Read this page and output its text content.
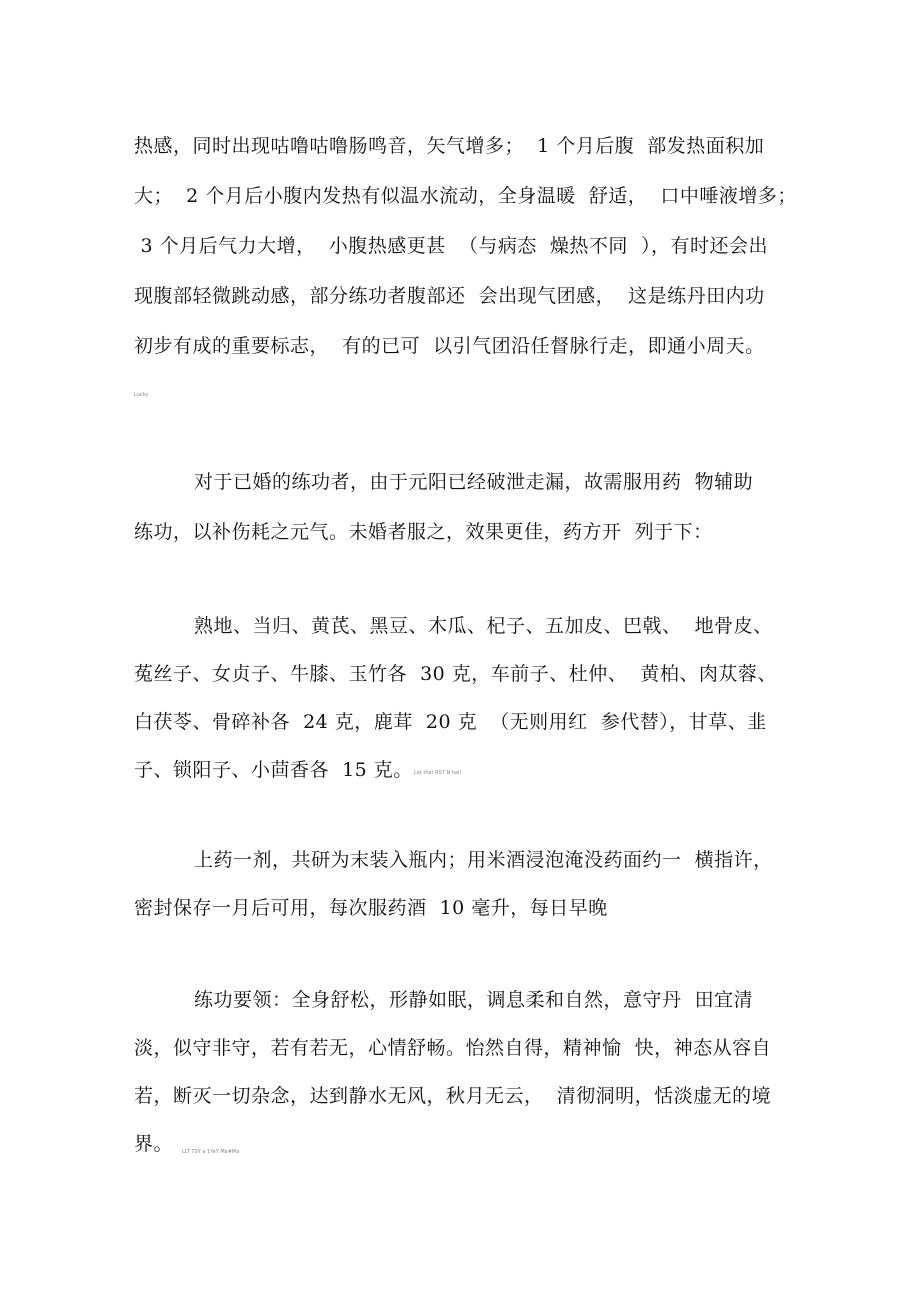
热感，同时出现咕噜咕噜肠鸣音，矢气增多；  1 个月后腹  部发热面积加
大；  2 个月后小腹内发热有似温水流动，全身温暖  舒适，  口中唾液增多；
3 个月后气力大增，  小腹热感更甚  （与病态  燥热不同  ），有时还会出
现腹部轻微跳动感，部分练功者腹部还  会出现气团感，  这是练丹田内功
初步有成的重要标志，  有的已可  以引气团沿任督脉行走，即通小周天。
Lucky
对于已婚的练功者，由于元阳已经破泄走漏，故需服用药  物辅助
练功，以补伤耗之元气。未婚者服之，效果更佳，药方开  列于下：
熟地、当归、黄芪、黑豆、木瓜、杞子、五加皮、巴戟、  地骨皮、
菟丝子、女贞子、牛膝、玉竹各  30 克，车前子、杜仲、  黄柏、肉苁蓉、
白茯苓、骨碎补各  24 克，鹿茸  20 克  （无则用红  参代替），甘草、韭
子、锁阳子、小茴香各  15 克。 Lat that RS7 N hall
上药一剂，共研为末装入瓶内；用米酒浸泡淹没药面约一  横指许，
密封保存一月后可用，每次服药酒  10 毫升，每日早晚
练功要领：全身舒松，形静如眠，调息柔和自然，意守丹  田宜清
淡，似守非守，若有若无，心情舒畅。怡然自得，精神愉  快，神态从容自
若，断灭一切杂念，达到静水无风，秋月无云，  清彻洞明，恬淡虚无的境
界。 LLT TSY a 1YeY Ma#Ma
